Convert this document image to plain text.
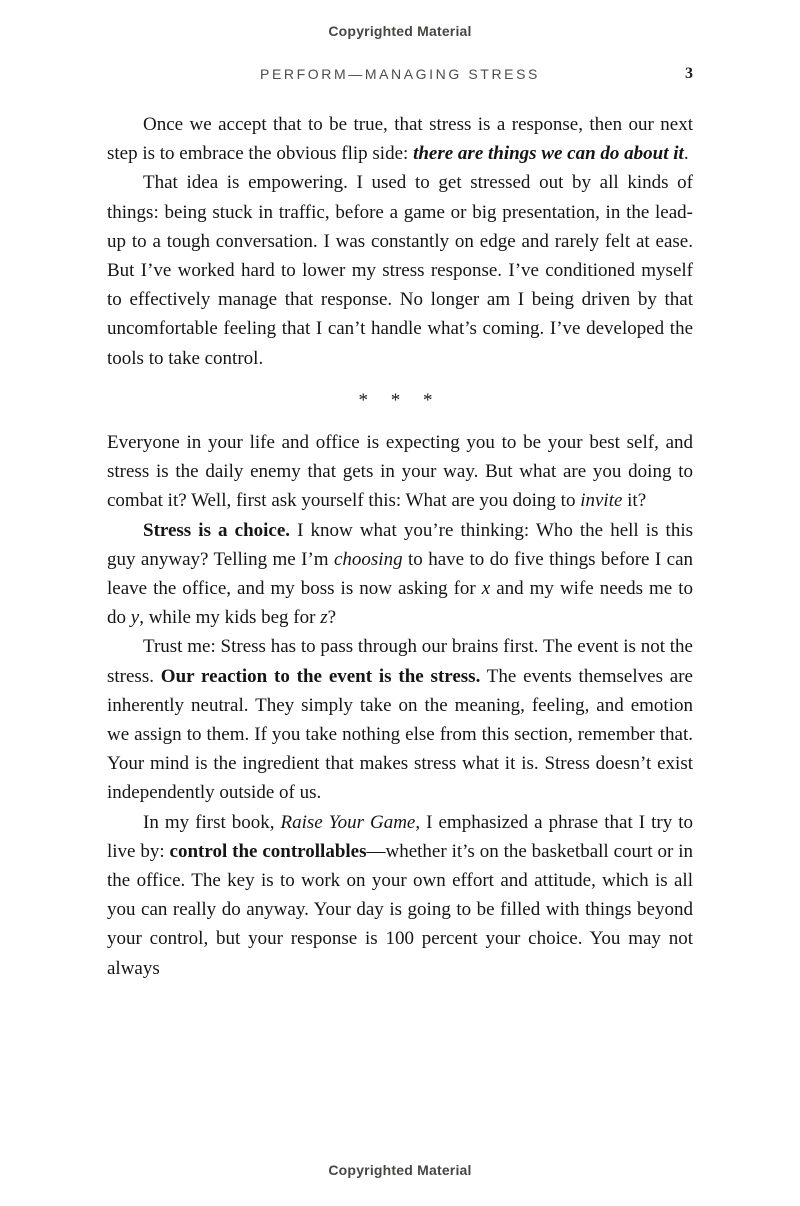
Copyrighted Material
PERFORM—MANAGING STRESS	3

Once we accept that to be true, that stress is a response, then our next step is to embrace the obvious flip side: there are things we can do about it.

That idea is empowering. I used to get stressed out by all kinds of things: being stuck in traffic, before a game or big presentation, in the lead-up to a tough conversation. I was constantly on edge and rarely felt at ease. But I’ve worked hard to lower my stress response. I’ve conditioned myself to effectively manage that response. No longer am I being driven by that uncomfortable feeling that I can’t handle what’s coming. I’ve developed the tools to take control.

* * *

Everyone in your life and office is expecting you to be your best self, and stress is the daily enemy that gets in your way. But what are you doing to combat it? Well, first ask yourself this: What are you doing to invite it?

Stress is a choice. I know what you’re thinking: Who the hell is this guy anyway? Telling me I’m choosing to have to do five things before I can leave the office, and my boss is now asking for x and my wife needs me to do y, while my kids beg for z?

Trust me: Stress has to pass through our brains first. The event is not the stress. Our reaction to the event is the stress. The events themselves are inherently neutral. They simply take on the meaning, feeling, and emotion we assign to them. If you take nothing else from this section, remember that. Your mind is the ingredient that makes stress what it is. Stress doesn’t exist independently outside of us.

In my first book, Raise Your Game, I emphasized a phrase that I try to live by: control the controllables—whether it’s on the basketball court or in the office. The key is to work on your own effort and attitude, which is all you can really do anyway. Your day is going to be filled with things beyond your control, but your response is 100 percent your choice. You may not always

Copyrighted Material
